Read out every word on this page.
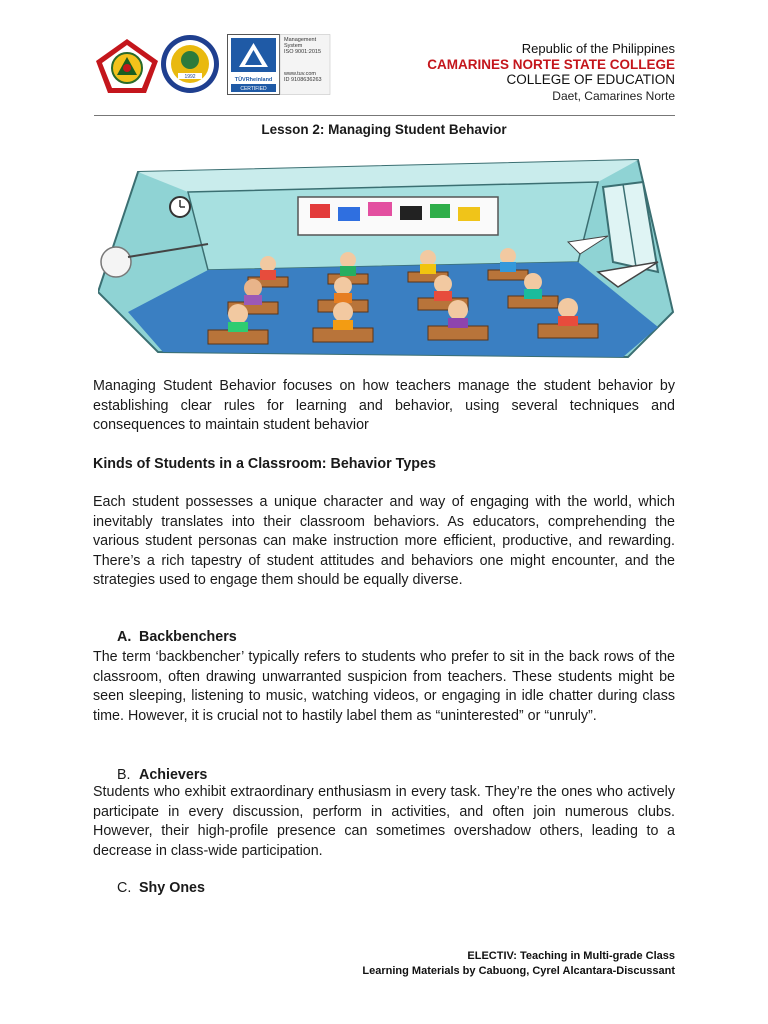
1992	TÜVRheinland
CERTIFIED
Management
System
ISO 9001:2015
www.tuv.com
ID 9108636263
Republic of the Philippines
CAMARINES NORTE STATE COLLEGE
COLLEGE OF EDUCATION
Daet, Camarines Norte
Lesson 2: Managing Student Behavior
Managing Student Behavior focuses on how teachers manage the student behavior by establishing clear rules for learning and behavior, using several techniques and consequences to maintain student behavior
Kinds of Students in a Classroom: Behavior Types
Each student possesses a unique character and way of engaging with the world, which inevitably translates into their classroom behaviors. As educators, comprehending the various student personas can make instruction more efficient, productive, and rewarding. There’s a rich tapestry of student attitudes and behaviors one might encounter, and the strategies used to engage them should be equally diverse.
A. Backbenchers
The term ‘backbencher’ typically refers to students who prefer to sit in the back rows of the classroom, often drawing unwarranted suspicion from teachers. These students might be seen sleeping, listening to music, watching videos, or engaging in idle chatter during class time. However, it is crucial not to hastily label them as “uninterested” or “unruly”.
B. Achievers
Students who exhibit extraordinary enthusiasm in every task. They’re the ones who actively participate in every discussion, perform in activities, and often join numerous clubs. However, their high-profile presence can sometimes overshadow others, leading to a decrease in class-wide participation.
C. Shy Ones
ELECTIV: Teaching in Multi-grade Class
Learning Materials by Cabuong, Cyrel Alcantara-Discussant
